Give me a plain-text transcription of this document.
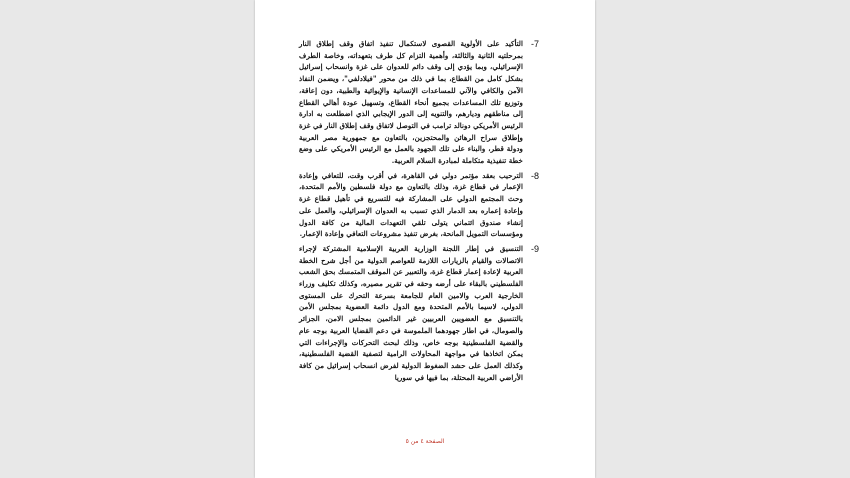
-7
التأكيد على الأولوية القصوى لاستكمال تنفيذ اتفاق وقف إطلاق النار بمرحلتيه الثانية والثالثة، وأهمية التزام كل طرف بتعهداته، وخاصة الطرف الإسرائيلي، وبما يؤدي إلى وقف دائم للعدوان على غزة وانسحاب إسرائيل بشكل كامل من القطاع، بما في ذلك من محور "فيلادلفي"، ويضمن النفاذ الآمن والكافي والآني للمساعدات الإنسانية والإيوائية والطبية، دون إعاقة، وتوزيع تلك المساعدات بجميع أنحاء القطاع، وتسهيل عودة أهالي القطاع إلى مناطقهم وديارهم، والتنويه إلى الدور الإيجابي الذي اضطلعت به ادارة الرئيس الأمريكي دونالد ترامب في التوصل لاتفاق وقف إطلاق النار في غزة وإطلاق سراح الرهائن والمحتجزين، بالتعاون مع جمهورية مصر العربية ودولة قطر، والبناء على تلك الجهود بالعمل مع الرئيس الأمريكي على وضع خطة تنفيذية متكاملة لمبادرة السلام العربية.
-8
الترحيب بعقد مؤتمر دولي في القاهرة، في أقرب وقت، للتعافي وإعادة الإعمار في قطاع غزة، وذلك بالتعاون مع دولة فلسطين والأمم المتحدة، وحث المجتمع الدولي على المشاركة فيه للتسريع في تأهيل قطاع غزة وإعادة إعماره بعد الدمار الذي تسبب به العدوان الإسرائيلي، والعمل على إنشاء صندوق ائتماني يتولى تلقي التعهدات المالية من كافة الدول ومؤسسات التمويل المانحة، بغرض تنفيذ مشروعات التعافي وإعادة الإعمار.
-9
التنسيق في إطار اللجنة الوزارية العربية الإسلامية المشتركة لإجراء الاتصالات والقيام بالزيارات اللازمة للعواصم الدولية من أجل شرح الخطة العربية لإعادة إعمار قطاع غزة، والتعبير عن الموقف المتمسك بحق الشعب الفلسطيني بالبقاء على أرضه وحقه في تقرير مصيره، وكذلك تكليف وزراء الخارجية العرب والامين العام للجامعة بسرعة التحرك على المستوى الدولي، لاسيما بالأمم المتحدة ومع الدول دائمة العضوية بمجلس الأمن بالتنسيق مع العضويين العربيين غير الدائمين بمجلس الامن، الجزائر والصومال، في اطار جهودهما الملموسة في دعم القضايا العربية بوجه عام والقضية الفلسطينية بوجه خاص، وذلك لبحث التحركات والإجراءات التي يمكن اتخاذها في مواجهة المحاولات الرامية لتصفية القضية الفلسطينية، وكذلك العمل على حشد الضغوط الدولية لفرض انسحاب إسرائيل من كافة الأراضي العربية المحتلة، بما فيها في سوريا
الصفحة ٤ من ٥
